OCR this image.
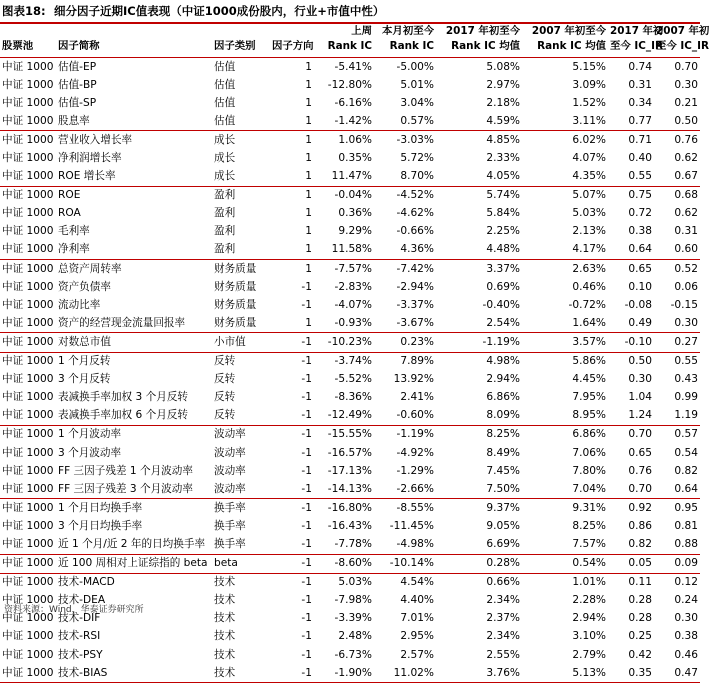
图表18: 细分因子近期IC值表现（中证1000成份股内，行业+市值中性）
				上周	本月初至今	2017 年初至今	2007 年初至今	2017 年初	2007 年初
股票池	因子简称	因子类别	因子方向	Rank IC	Rank IC	Rank IC 均值	Rank IC 均值	至今 IC_IR	至今 IC_IR
中证 1000	估值-EP	估值	1	-5.41%	-5.00%	5.08%	5.15%	0.74	0.70
中证 1000	估值-BP	估值	1	-12.80%	5.01%	2.97%	3.09%	0.31	0.30
中证 1000	估值-SP	估值	1	-6.16%	3.04%	2.18%	1.52%	0.34	0.21
中证 1000	股息率	估值	1	-1.42%	0.57%	4.59%	3.11%	0.77	0.50
中证 1000	营业收入增长率	成长	1	1.06%	-3.03%	4.85%	6.02%	0.71	0.76
中证 1000	净利润增长率	成长	1	0.35%	5.72%	2.33%	4.07%	0.40	0.62
中证 1000	ROE 增长率	成长	1	11.47%	8.70%	4.05%	4.35%	0.55	0.67
中证 1000	ROE	盈利	1	-0.04%	-4.52%	5.74%	5.07%	0.75	0.68
中证 1000	ROA	盈利	1	0.36%	-4.62%	5.84%	5.03%	0.72	0.62
中证 1000	毛利率	盈利	1	9.29%	-0.66%	2.25%	2.13%	0.38	0.31
中证 1000	净利率	盈利	1	11.58%	4.36%	4.48%	4.17%	0.64	0.60
中证 1000	总资产周转率	财务质量	1	-7.57%	-7.42%	3.37%	2.63%	0.65	0.52
中证 1000	资产负债率	财务质量	-1	-2.83%	-2.94%	0.69%	0.46%	0.10	0.06
中证 1000	流动比率	财务质量	-1	-4.07%	-3.37%	-0.40%	-0.72%	-0.08	-0.15
中证 1000	资产的经营现金流量回报率	财务质量	1	-0.93%	-3.67%	2.54%	1.64%	0.49	0.30
中证 1000	对数总市值	小市值	-1	-10.23%	0.23%	-1.19%	3.57%	-0.10	0.27
中证 1000	1 个月反转	反转	-1	-3.74%	7.89%	4.98%	5.86%	0.50	0.55
中证 1000	3 个月反转	反转	-1	-5.52%	13.92%	2.94%	4.45%	0.30	0.43
中证 1000	表减换手率加权 3 个月反转	反转	-1	-8.36%	2.41%	6.86%	7.95%	1.04	0.99
中证 1000	表减换手率加权 6 个月反转	反转	-1	-12.49%	-0.60%	8.09%	8.95%	1.24	1.19
中证 1000	1 个月波动率	波动率	-1	-15.55%	-1.19%	8.25%	6.86%	0.70	0.57
中证 1000	3 个月波动率	波动率	-1	-16.57%	-4.92%	8.49%	7.06%	0.65	0.54
中证 1000	FF 三因子残差 1 个月波动率	波动率	-1	-17.13%	-1.29%	7.45%	7.80%	0.76	0.82
中证 1000	FF 三因子残差 3 个月波动率	波动率	-1	-14.13%	-2.66%	7.50%	7.04%	0.70	0.64
中证 1000	1 个月日均换手率	换手率	-1	-16.80%	-8.55%	9.37%	9.31%	0.92	0.95
中证 1000	3 个月日均换手率	换手率	-1	-16.43%	-11.45%	9.05%	8.25%	0.86	0.81
中证 1000	近 1 个月/近 2 年的日均换手率	换手率	-1	-7.78%	-4.98%	6.69%	7.57%	0.82	0.88
中证 1000	近 100 周相对上证综指的 beta	beta	-1	-8.60%	-10.14%	0.28%	0.54%	0.05	0.09
中证 1000	技术-MACD	技术	-1	5.03%	4.54%	0.66%	1.01%	0.11	0.12
中证 1000	技术-DEA	技术	-1	-7.98%	4.40%	2.34%	2.28%	0.28	0.24
中证 1000	技术-DIF	技术	-1	-3.39%	7.01%	2.37%	2.94%	0.28	0.30
中证 1000	技术-RSI	技术	-1	2.48%	2.95%	2.34%	3.10%	0.25	0.38
中证 1000	技术-PSY	技术	-1	-6.73%	2.57%	2.55%	2.79%	0.42	0.46
中证 1000	技术-BIAS	技术	-1	-1.90%	11.02%	3.76%	5.13%	0.35	0.47
资料来源：Wind，华泰证券研究所
